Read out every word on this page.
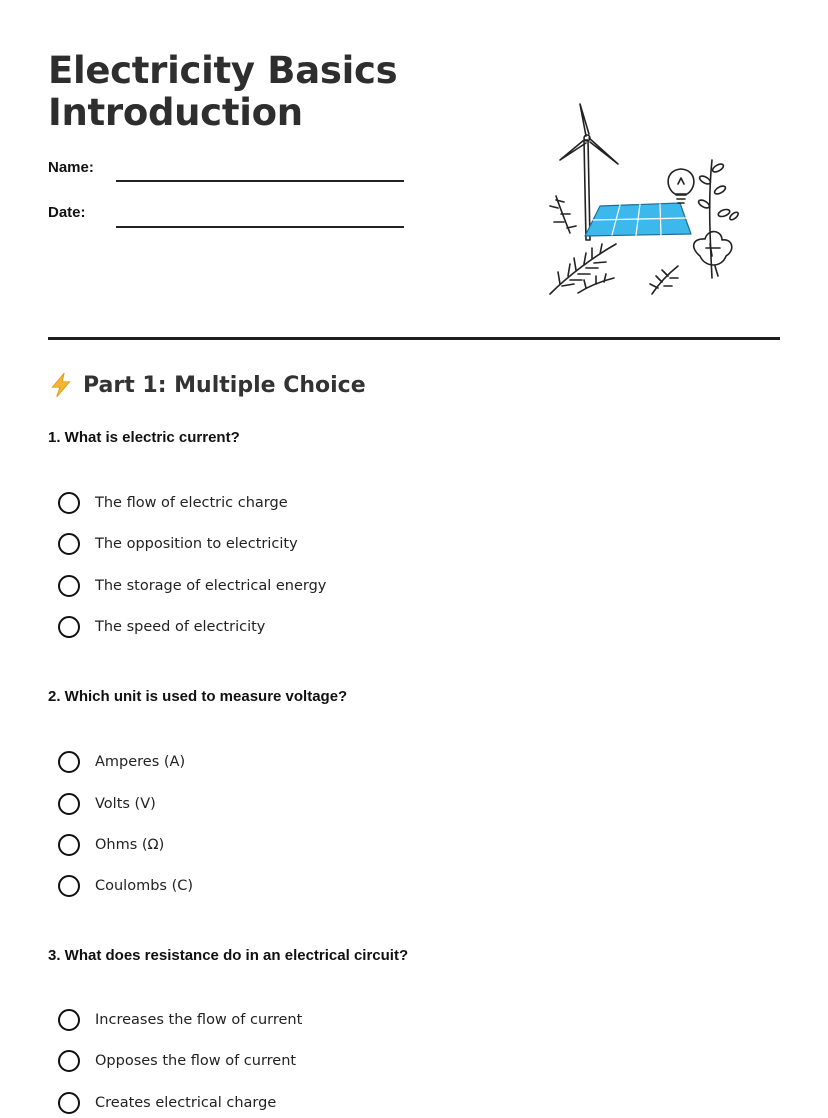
Electricity Basics
Introduction
Name:
Date:
Part 1: Multiple Choice
1. What is electric current?
The flow of electric charge
The opposition to electricity
The storage of electrical energy
The speed of electricity
2. Which unit is used to measure voltage?
Amperes (A)
Volts (V)
Ohms (Ω)
Coulombs (C)
3. What does resistance do in an electrical circuit?
Increases the flow of current
Opposes the flow of current
Creates electrical charge
